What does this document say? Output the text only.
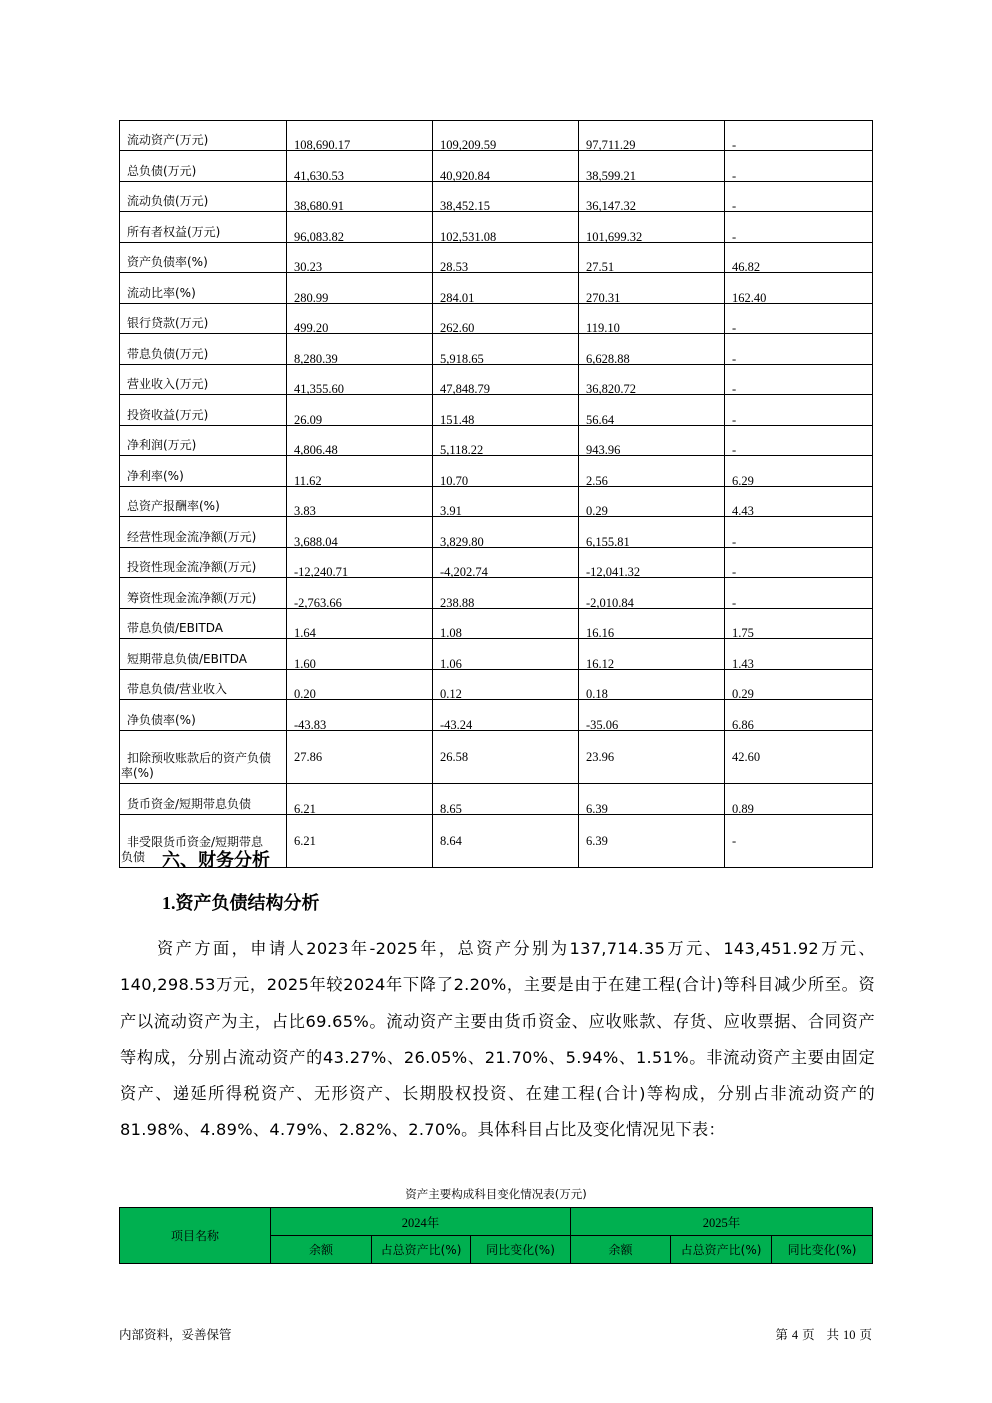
流动资产(万元)	108,690.17	109,209.59	97,711.29	-
总负债(万元)	41,630.53	40,920.84	38,599.21	-
流动负债(万元)	38,680.91	38,452.15	36,147.32	-
所有者权益(万元)	96,083.82	102,531.08	101,699.32	-
资产负债率(%)	30.23	28.53	27.51	46.82
流动比率(%)	280.99	284.01	270.31	162.40
银行贷款(万元)	499.20	262.60	119.10	-
带息负债(万元)	8,280.39	5,918.65	6,628.88	-
营业收入(万元)	41,355.60	47,848.79	36,820.72	-
投资收益(万元)	26.09	151.48	56.64	-
净利润(万元)	4,806.48	5,118.22	943.96	-
净利率(%)	11.62	10.70	2.56	6.29
总资产报酬率(%)	3.83	3.91	0.29	4.43
经营性现金流净额(万元)	3,688.04	3,829.80	6,155.81	-
投资性现金流净额(万元)	-12,240.71	-4,202.74	-12,041.32	-
筹资性现金流净额(万元)	-2,763.66	238.88	-2,010.84	-
带息负债/EBITDA	1.64	1.08	16.16	1.75
短期带息负债/EBITDA	1.60	1.06	16.12	1.43
带息负债/营业收入	0.20	0.12	0.18	0.29
净负债率(%)	-43.83	-43.24	-35.06	6.86

扣除预收账款后的资产负债
率(%)	27.86	26.58	23.96	42.60
货币资金/短期带息负债	6.21	8.65	6.39	0.89

非受限货币资金/短期带息
负债	6.21	8.64	6.39	-
六、财务分析
1.资产负债结构分析

资产方面，申请人2023年-2025年，总资产分别为137,714.35万元、143,451.92万元、140,298.53万元，2025年较2024年下降了2.20%，主要是由于在建工程(合计)等科目减少所至。资产以流动资产为主，占比69.65%。流动资产主要由货币资金、应收账款、存货、应收票据、合同资产等构成，分别占流动资产的43.27%、26.05%、21.70%、5.94%、1.51%。非流动资产主要由固定资产、递延所得税资产、无形资产、长期股权投资、在建工程(合计)等构成，分别占非流动资产的81.98%、4.89%、4.79%、2.82%、2.70%。具体科目占比及变化情况见下表：

资产主要构成科目变化情况表(万元)
项目名称	2024年			2025年		
	余额	占总资产比(%)	同比变化(%)	余额	占总资产比(%)	同比变化(%)
内部资料，妥善保管	第 4 页 共 10 页
